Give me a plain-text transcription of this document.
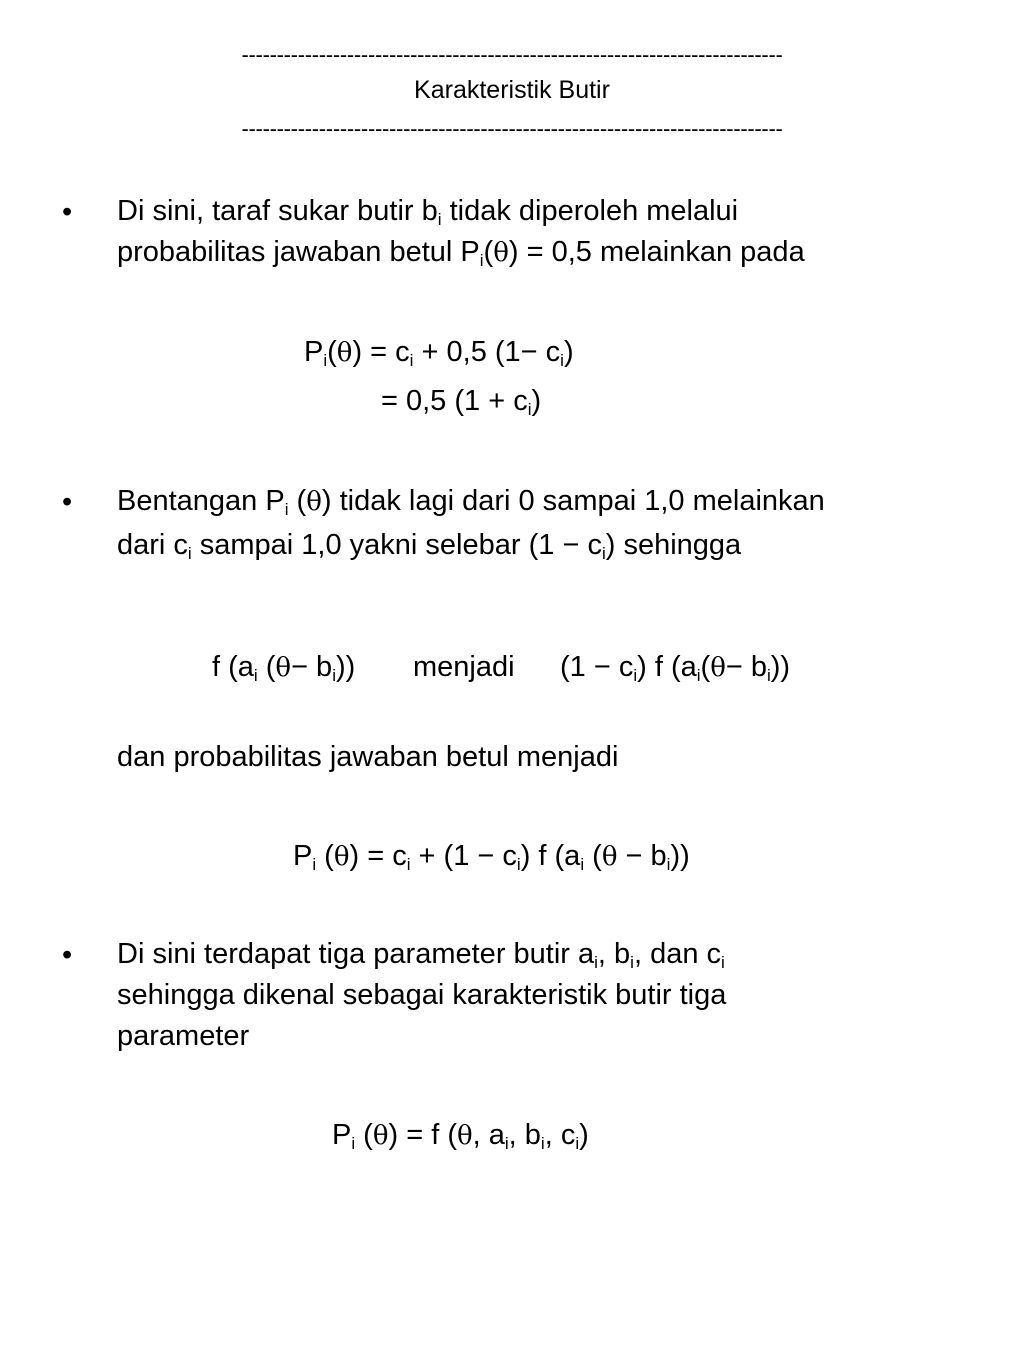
-----------------------------------------------------------------------------
Karakteristik Butir
-----------------------------------------------------------------------------
• Di sini, taraf sukar butir $b_i$ tidak diperoleh melalui
probabilitas jawaban betul $P_i(\theta) = 0,5$ melainkan pada
$P_i(\theta) = c_i + 0,5$ $(1- c_i)$
= 0,5 $(1 + c_i)$
• Bentangan $P_i$ (θ) tidak lagi dari 0 sampai 1,0 melainkan
dari $c_i$ sampai 1,0 yakni selebar $(1 - c_i)$ sehingga
f ($a_i$ $(\theta- b_i)$) menjadi $(1 - c_i)$ f $(a_i(\theta- b_i))$
dan probabilitas jawaban betul menjadi
$P_i$ $(\theta) = c_i + (1 - c_i)$ f ($a_i$ $(\theta - b_i)$)
• Di sini terdapat tiga parameter butir $a_i$, $b_i$, dan $c_i$
sehingga dikenal sebagai karakteristik butir tiga
parameter
$P_i$ (θ) = f (θ, $a_i$, $b_i$, $c_i$)
